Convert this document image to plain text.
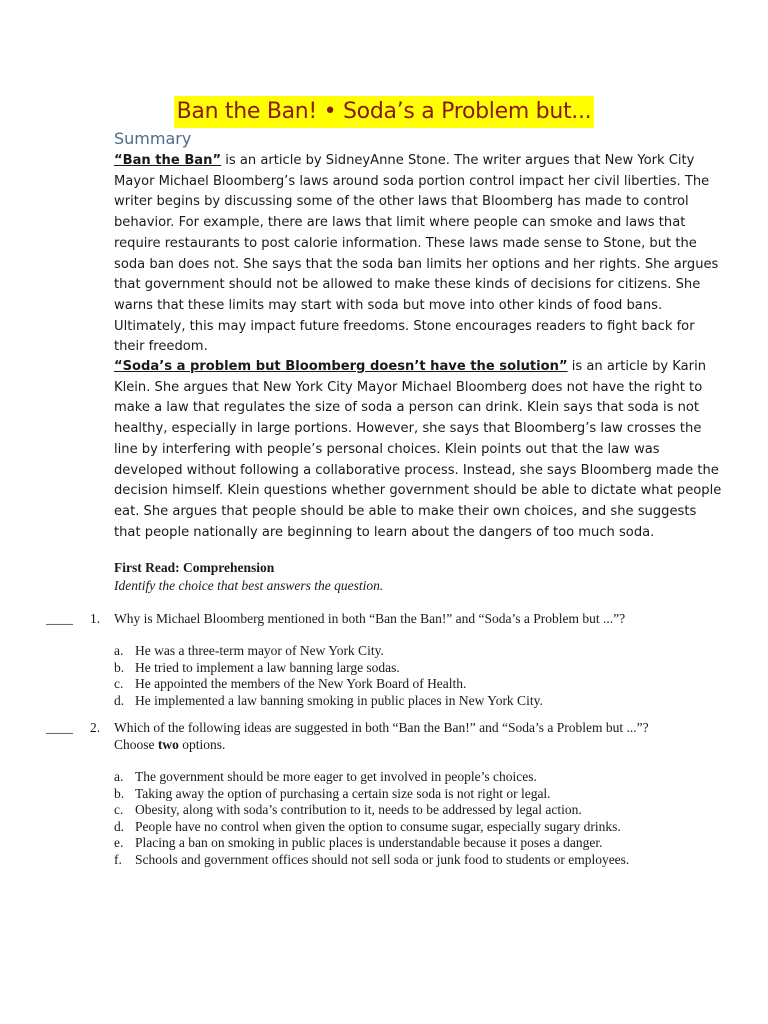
Ban the Ban! • Soda’s a Problem but...
Summary

“Ban the Ban” is an article by SidneyAnne Stone. The writer argues that New York City Mayor Michael Bloomberg’s laws around soda portion control impact her civil liberties. The writer begins by discussing some of the other laws that Bloomberg has made to control behavior. For example, there are laws that limit where people can smoke and laws that require restaurants to post calorie information. These laws made sense to Stone, but the soda ban does not. She says that the soda ban limits her options and her rights. She argues that government should not be allowed to make these kinds of decisions for citizens. She warns that these limits may start with soda but move into other kinds of food bans. Ultimately, this may impact future freedoms. Stone encourages readers to fight back for their freedom.

“Soda’s a problem but Bloomberg doesn’t have the solution” is an article by Karin Klein. She argues that New York City Mayor Michael Bloomberg does not have the right to make a law that regulates the size of soda a person can drink. Klein says that soda is not healthy, especially in large portions. However, she says that Bloomberg’s law crosses the line by interfering with people’s personal choices. Klein points out that the law was developed without following a collaborative process. Instead, she says Bloomberg made the decision himself. Klein questions whether government should be able to dictate what people eat. She argues that people should be able to make their own choices, and she suggests that people nationally are beginning to learn about the dangers of too much soda.

First Read: Comprehension
Identify the choice that best answers the question.
____ 1. Why is Michael Bloomberg mentioned in both “Ban the Ban!” and “Soda’s a Problem but ...”?
a. He was a three-term mayor of New York City.
b. He tried to implement a law banning large sodas.
c. He appointed the members of the New York Board of Health.
d. He implemented a law banning smoking in public places in New York City.
____ 2. Which of the following ideas are suggested in both “Ban the Ban!” and “Soda’s a Problem but ...”? Choose two options.
a. The government should be more eager to get involved in people’s choices.
b. Taking away the option of purchasing a certain size soda is not right or legal.
c. Obesity, along with soda’s contribution to it, needs to be addressed by legal action.
d. People have no control when given the option to consume sugar, especially sugary drinks.
e. Placing a ban on smoking in public places is understandable because it poses a danger.
f. Schools and government offices should not sell soda or junk food to students or employees.
